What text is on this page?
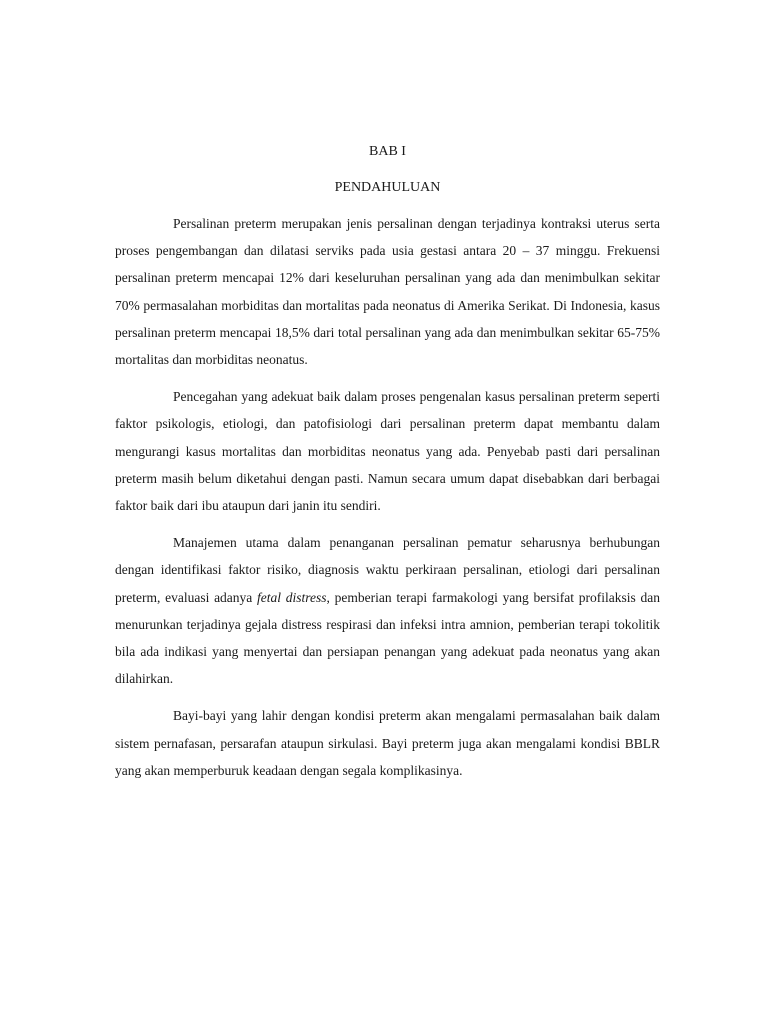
BAB I

PENDAHULUAN

Persalinan preterm merupakan jenis persalinan dengan terjadinya kontraksi uterus serta proses pengembangan dan dilatasi serviks pada usia gestasi antara 20 – 37 minggu. Frekuensi persalinan preterm mencapai 12% dari keseluruhan persalinan yang ada dan menimbulkan sekitar 70% permasalahan morbiditas dan mortalitas pada neonatus di Amerika Serikat. Di Indonesia, kasus persalinan preterm mencapai 18,5% dari total persalinan yang ada dan menimbulkan sekitar 65-75% mortalitas dan morbiditas neonatus.

Pencegahan yang adekuat baik dalam proses pengenalan kasus persalinan preterm seperti faktor psikologis, etiologi, dan patofisiologi dari persalinan preterm dapat membantu dalam mengurangi kasus mortalitas dan morbiditas neonatus yang ada. Penyebab pasti dari persalinan preterm masih belum diketahui dengan pasti. Namun secara umum dapat disebabkan dari berbagai faktor baik dari ibu ataupun dari janin itu sendiri.

Manajemen utama dalam penanganan persalinan pematur seharusnya berhubungan dengan identifikasi faktor risiko, diagnosis waktu perkiraan persalinan, etiologi dari persalinan preterm, evaluasi adanya fetal distress, pemberian terapi farmakologi yang bersifat profilaksis dan menurunkan terjadinya gejala distress respirasi dan infeksi intra amnion, pemberian terapi tokolitik bila ada indikasi yang menyertai dan persiapan penangan yang adekuat pada neonatus yang akan dilahirkan.

Bayi-bayi yang lahir dengan kondisi preterm akan mengalami permasalahan baik dalam sistem pernafasan, persarafan ataupun sirkulasi. Bayi preterm juga akan mengalami kondisi BBLR yang akan memperburuk keadaan dengan segala komplikasinya.
